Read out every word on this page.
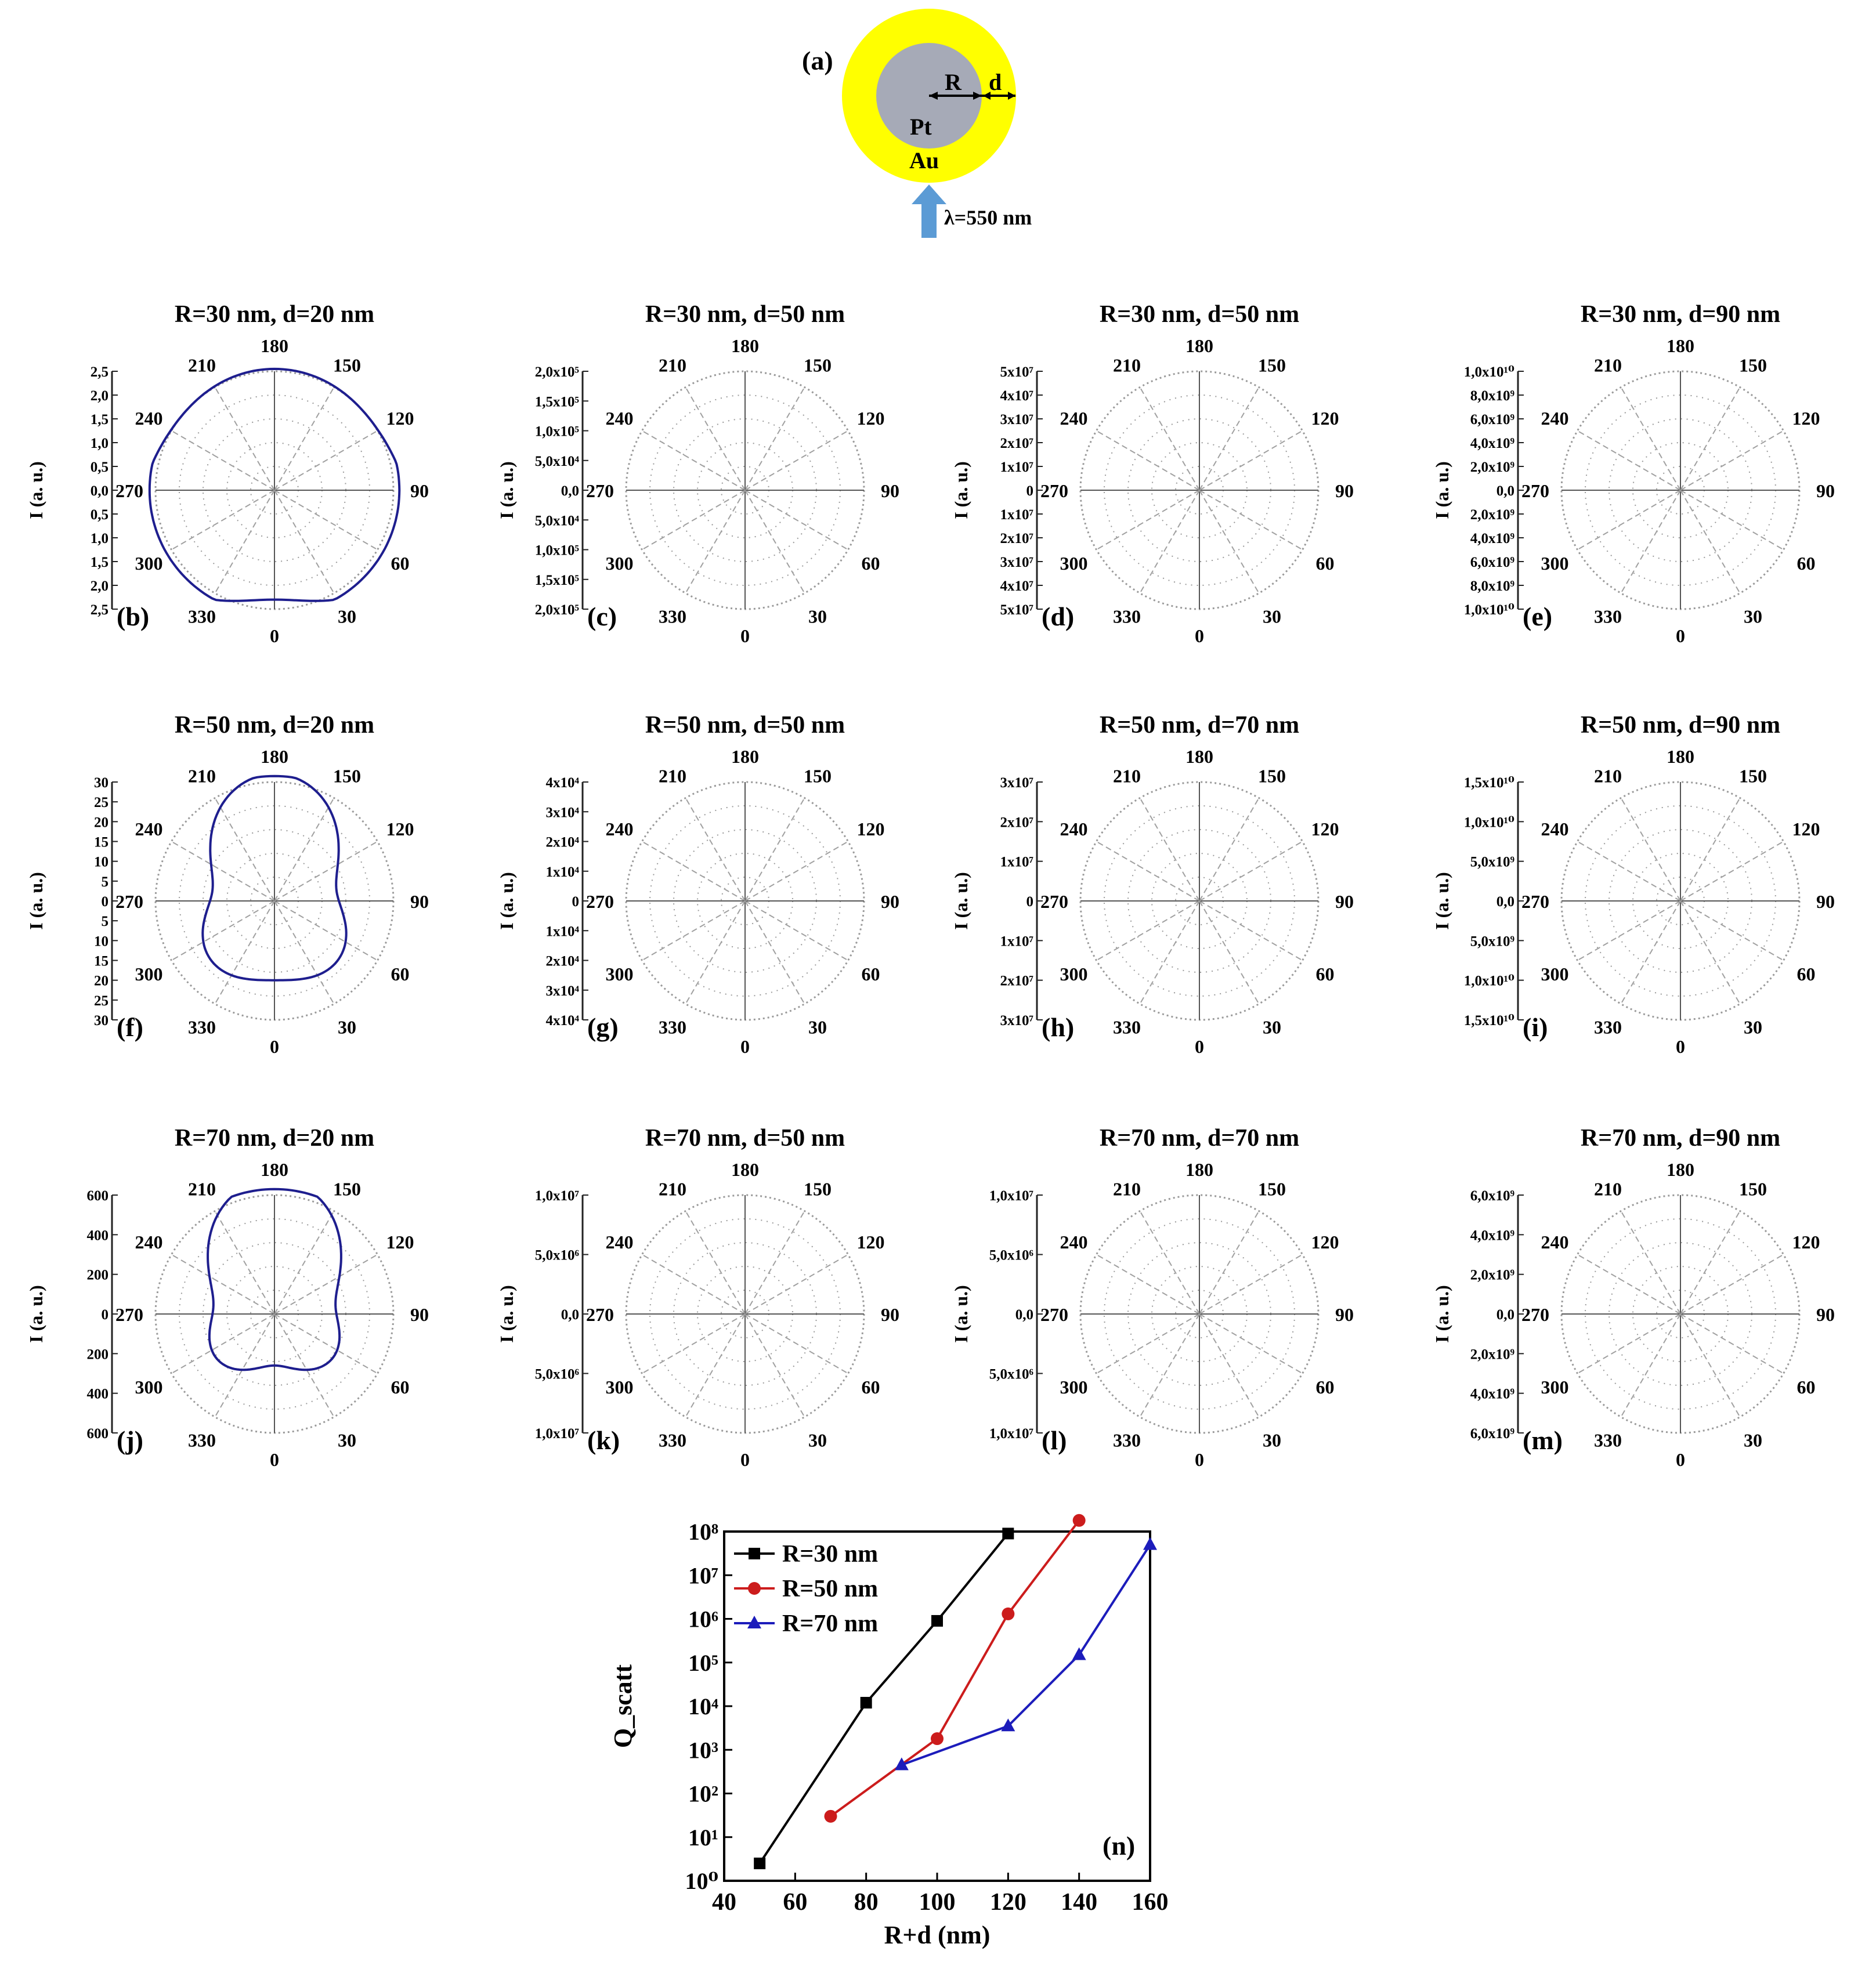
(a)
R d
Pt
Au
λ=550 nm
0
30
60
90
120
150
180
210
240
270
300
330
2,5
2,0
1,5
1,0
0,5
0,0
0,5
1,0
1,5
2,0
2,5
I (a. u.)
R=30 nm, d=20 nm
(b)
0
30
60
90
120
150
180
210
240
270
300
330
2,0x10⁵
1,5x10⁵
1,0x10⁵
5,0x10⁴
0,0
5,0x10⁴
1,0x10⁵
1,5x10⁵
2,0x10⁵
I (a. u.)
R=30 nm, d=50 nm
(c)
0
30
60
90
120
150
180
210
240
270
300
330
5x10⁷
4x10⁷
3x10⁷
2x10⁷
1x10⁷
0
1x10⁷
2x10⁷
3x10⁷
4x10⁷
5x10⁷
I (a. u.)
R=30 nm, d=50 nm
(d)
0
30
60
90
120
150
180
210
240
270
300
330
1,0x10¹⁰
8,0x10⁹
6,0x10⁹
4,0x10⁹
2,0x10⁹
0,0
2,0x10⁹
4,0x10⁹
6,0x10⁹
8,0x10⁹
1,0x10¹⁰
I (a. u.)
R=30 nm, d=90 nm
(e)
0
30
60
90
120
150
180
210
240
270
300
330
30
25
20
15
10
5
0
5
10
15
20
25
30
I (a. u.)
R=50 nm, d=20 nm
(f)
0
30
60
90
120
150
180
210
240
270
300
330
4x10⁴
3x10⁴
2x10⁴
1x10⁴
0
1x10⁴
2x10⁴
3x10⁴
4x10⁴
I (a. u.)
R=50 nm, d=50 nm
(g)
0
30
60
90
120
150
180
210
240
270
300
330
3x10⁷
2x10⁷
1x10⁷
0
1x10⁷
2x10⁷
3x10⁷
I (a. u.)
R=50 nm, d=70 nm
(h)
0
30
60
90
120
150
180
210
240
270
300
330
1,5x10¹⁰
1,0x10¹⁰
5,0x10⁹
0,0
5,0x10⁹
1,0x10¹⁰
1,5x10¹⁰
I (a. u.)
R=50 nm, d=90 nm
(i)
0
30
60
90
120
150
180
210
240
270
300
330
600
400
200
0
200
400
600
I (a. u.)
R=70 nm, d=20 nm
(j)
0
30
60
90
120
150
180
210
240
270
300
330
1,0x10⁷
5,0x10⁶
0,0
5,0x10⁶
1,0x10⁷
I (a. u.)
R=70 nm, d=50 nm
(k)
0
30
60
90
120
150
180
210
240
270
300
330
1,0x10⁷
5,0x10⁶
0,0
5,0x10⁶
1,0x10⁷
I (a. u.)
R=70 nm, d=70 nm
(l)
0
30
60
90
120
150
180
210
240
270
300
330
6,0x10⁹
4,0x10⁹
2,0x10⁹
0,0
2,0x10⁹
4,0x10⁹
6,0x10⁹
I (a. u.)
R=70 nm, d=90 nm
(m)
40 60 80 100 120 140 160
10⁰
10¹
10²
10³
10⁴
10⁵
10⁶
10⁷
10⁸
R+d (nm)
Q_scatt
(n)
R=30 nm
R=50 nm
R=70 nm
